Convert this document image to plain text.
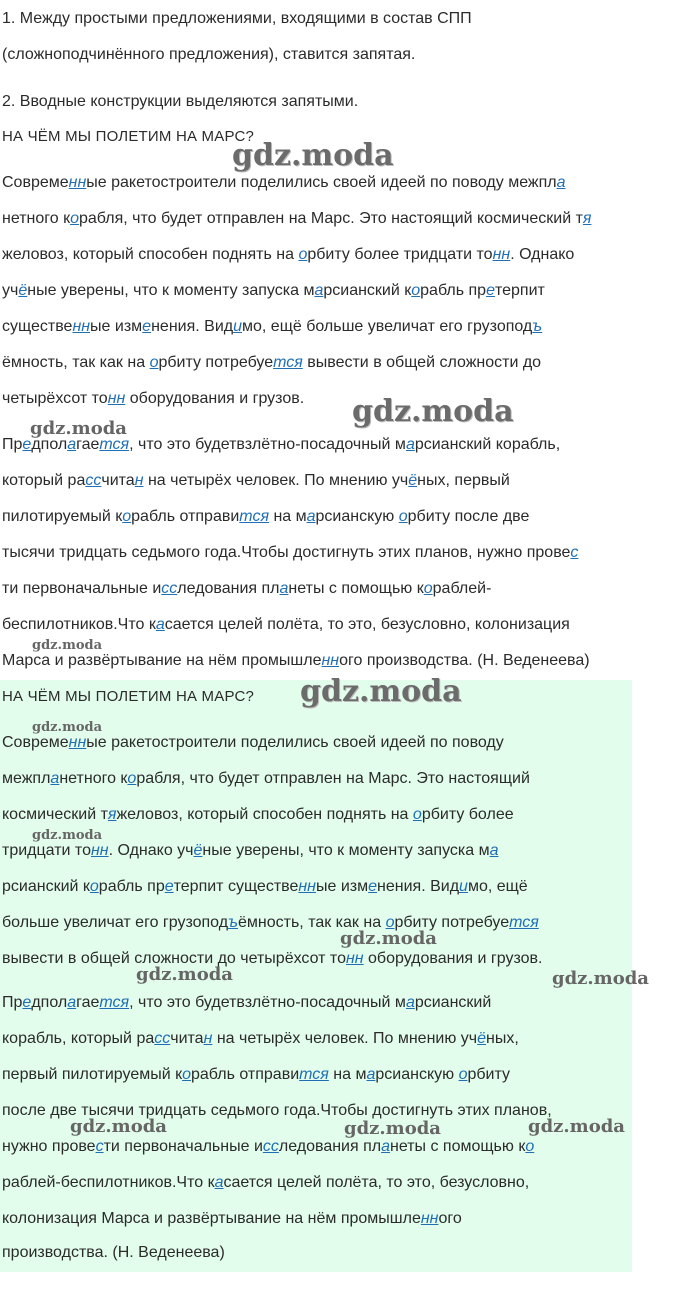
1. Между простыми предложениями, входящими в состав СПП
(сложноподчинённого предложения), ставится запятая.
2. Вводные конструкции выделяются запятыми.
НА ЧЁМ МЫ ПОЛЕТИМ НА МАРС?
Современные ракетостроители поделились своей идеей по поводу межпла
нетного корабля, что будет отправлен на Марс. Это настоящий космический тя
желовоз, который способен поднять на орбиту более тридцати тонн. Однако
учёные уверены, что к моменту запуска марсианский корабль претерпит
существенные изменения. Видимо, ещё больше увеличат его грузоподъ
ёмность, так как на орбиту потребуется вывести в общей сложности до
четырёхсот тонн оборудования и грузов.
Предполагается, что это будетвзлётно-посадочный марсианский корабль,
который рассчитан на четырёх человек. По мнению учёных, первый
пилотируемый корабль отправится на марсианскую орбиту после две
тысячи тридцать седьмого года.Чтобы достигнуть этих планов, нужно провес
ти первоначальные исследования планеты с помощью кораблей-
беспилотников.Что касается целей полёта, то это, безусловно, колонизация
Марса и развёртывание на нём промышленного производства. (Н. Веденеева)
НА ЧЁМ МЫ ПОЛЕТИМ НА МАРС?
Современные ракетостроители поделились своей идеей по поводу
межпланетного корабля, что будет отправлен на Марс. Это настоящий
космический тяжеловоз, который способен поднять на орбиту более
тридцати тонн. Однако учёные уверены, что к моменту запуска ма
рсианский корабль претерпит существенные изменения. Видимо, ещё
больше увеличат его грузоподъёмность, так как на орбиту потребуется
вывести в общей сложности до четырёхсот тонн оборудования и грузов.
Предполагается, что это будетвзлётно-посадочный марсианский
корабль, который рассчитан на четырёх человек. По мнению учёных,
первый пилотируемый корабль отправится на марсианскую орбиту
после две тысячи тридцать седьмого года.Чтобы достигнуть этих планов,
нужно провести первоначальные исследования планеты с помощью ко
раблей-беспилотников.Что касается целей полёта, то это, безусловно,
колонизация Марса и развёртывание на нём промышленного
производства. (Н. Веденеева)
gdz.moda
gdz.moda
gdz.moda
gdz.moda
gdz.moda
gdz.moda
gdz.moda
gdz.moda
gdz.moda	gdz.moda
gdz.moda	gdz.moda	gdz.moda
